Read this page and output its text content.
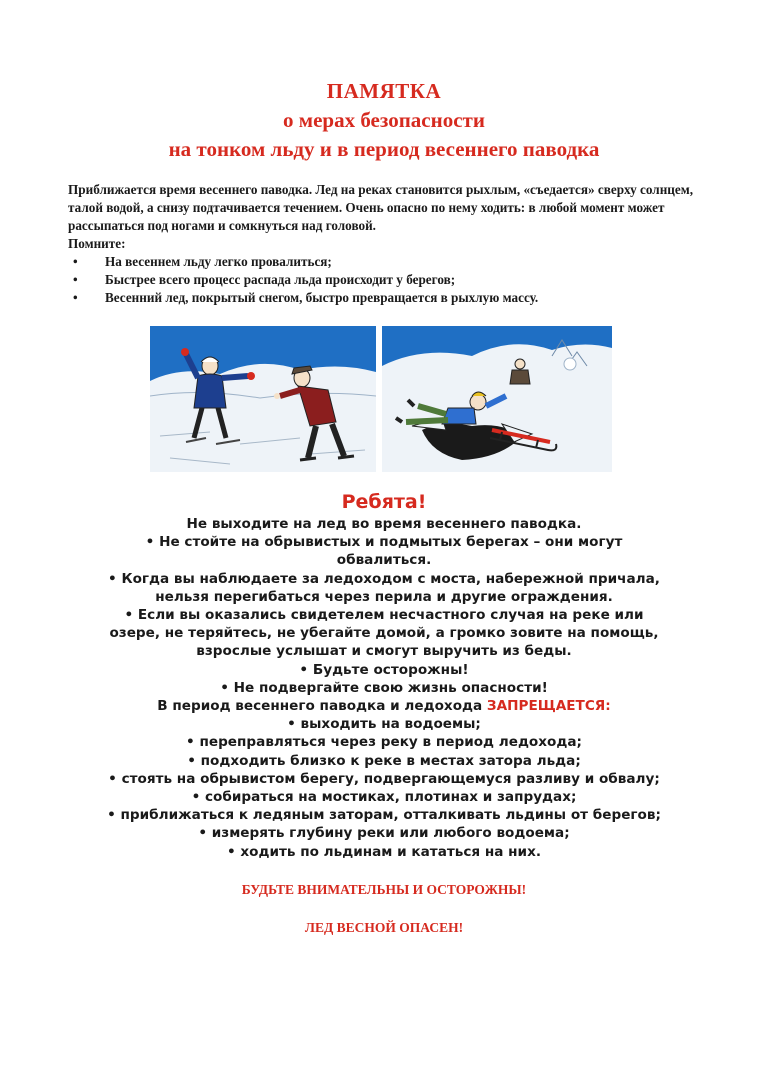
ПАМЯТКА
о мерах безопасности
на тонком льду и в период весеннего паводка

Приближается время весеннего паводка. Лед на реках становится рыхлым, «съедается» сверху солнцем, талой водой, а снизу подтачивается течением. Очень опасно по нему ходить: в любой момент может рассыпаться под ногами и сомкнуться над головой.

Помните:

• На весеннем льду легко провалиться;
• Быстрее всего процесс распада льда происходит у берегов;
• Весенний лед, покрытый снегом, быстро превращается в рыхлую массу.
Ребята!
Не выходите на лед во время весеннего паводка.
• Не стойте на обрывистых и подмытых берегах – они могут
обвалиться.
• Когда вы наблюдаете за ледоходом с моста, набережной причала,
нельзя перегибаться через перила и другие ограждения.
• Если вы оказались свидетелем несчастного случая на реке или
озере, не теряйтесь, не убегайте домой, а громко зовите на помощь,
взрослые услышат и смогут выручить из беды.
• Будьте осторожны!
• Не подвергайте свою жизнь опасности!
В период весеннего паводка и ледохода ЗАПРЕЩАЕТСЯ:
• выходить на водоемы;
• переправляться через реку в период ледохода;
• подходить близко к реке в местах затора льда;
• стоять на обрывистом берегу, подвергающемуся разливу и обвалу;
• собираться на мостиках, плотинах и запрудах;
• приближаться к ледяным заторам, отталкивать льдины от берегов;
• измерять глубину реки или любого водоема;
• ходить по льдинам и кататься на них.
БУДЬТЕ ВНИМАТЕЛЬНЫ И ОСТОРОЖНЫ!
ЛЕД ВЕСНОЙ ОПАСЕН!
